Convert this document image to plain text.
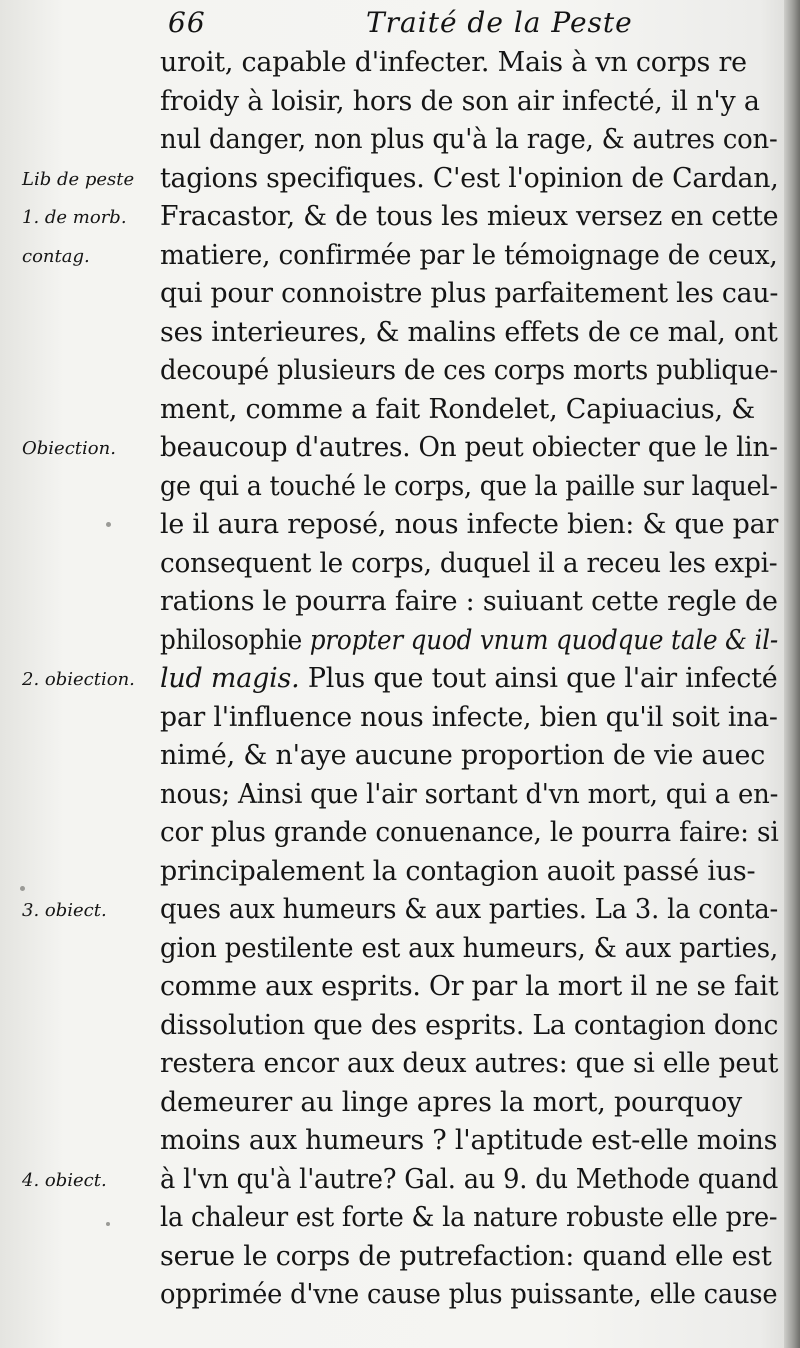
66	Traité de la Peste
Lib de peste
1. de morb.
contag.
Obiection.
2. obiection.
3. obiect.
4. obiect.
uroit, capable d'infecter. Mais à vn corps re
froidy à loisir, hors de son air infecté, il n'y a
nul danger, non plus qu'à la rage, & autres con-
tagions specifiques. C'est l'opinion de Cardan,
Fracastor, & de tous les mieux versez en cette
matiere, confirmée par le témoignage de ceux,
qui pour connoistre plus parfaitement les cau-
ses interieures, & malins effets de ce mal, ont
decoupé plusieurs de ces corps morts publique-
ment, comme a fait Rondelet, Capiuacius, &
beaucoup d'autres. On peut obiecter que le lin-
ge qui a touché le corps, que la paille sur laquel-
le il aura reposé, nous infecte bien: & que par
consequent le corps, duquel il a receu les expi-
rations le pourra faire : suiuant cette regle de
philosophie propter quod vnum quodque tale & il-
lud magis. Plus que tout ainsi que l'air infecté
par l'influence nous infecte, bien qu'il soit ina-
nimé, & n'aye aucune proportion de vie auec
nous; Ainsi que l'air sortant d'vn mort, qui a en-
cor plus grande conuenance, le pourra faire: si
principalement la contagion auoit passé ius-
ques aux humeurs & aux parties. La 3. la conta-
gion pestilente est aux humeurs, & aux parties,
comme aux esprits. Or par la mort il ne se fait
dissolution que des esprits. La contagion donc
restera encor aux deux autres: que si elle peut
demeurer au linge apres la mort, pourquoy
moins aux humeurs ? l'aptitude est-elle moins
à l'vn qu'à l'autre? Gal. au 9. du Methode quand
la chaleur est forte & la nature robuste elle pre-
serue le corps de putrefaction: quand elle est
opprimée d'vne cause plus puissante, elle cause
